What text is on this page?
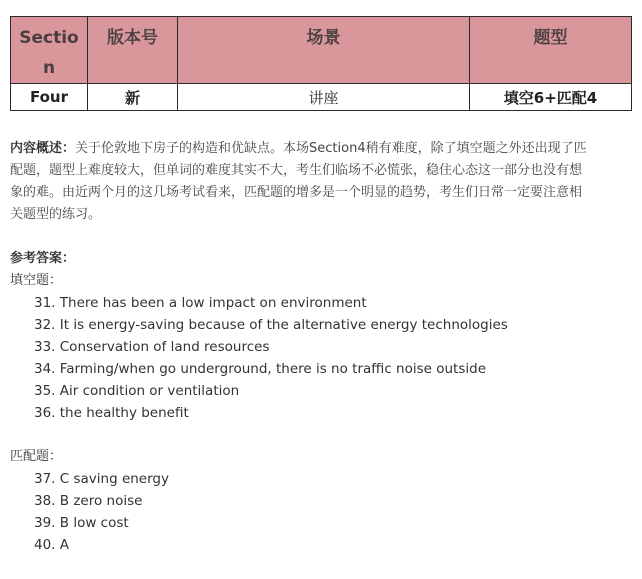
Sectio
n	版本号	场景	题型
Four	新	讲座	填空6+匹配4
内容概述：关于伦敦地下房子的构造和优缺点。本场Section4稍有难度，除了填空题之外还出现了匹
配题，题型上难度较大，但单词的难度其实不大，考生们临场不必慌张，稳住心态这一部分也没有想
象的难。由近两个月的这几场考试看来，匹配题的增多是一个明显的趋势，考生们日常一定要注意相
关题型的练习。
参考答案：
填空题：
31. There has been a low impact on environment
32. It is energy-saving because of the alternative energy technologies
33. Conservation of land resources
34. Farming/when go underground, there is no traffic noise outside
35. Air condition or ventilation
36. the healthy benefit
匹配题：
37. C saving energy
38. B zero noise
39. B low cost
40. A
